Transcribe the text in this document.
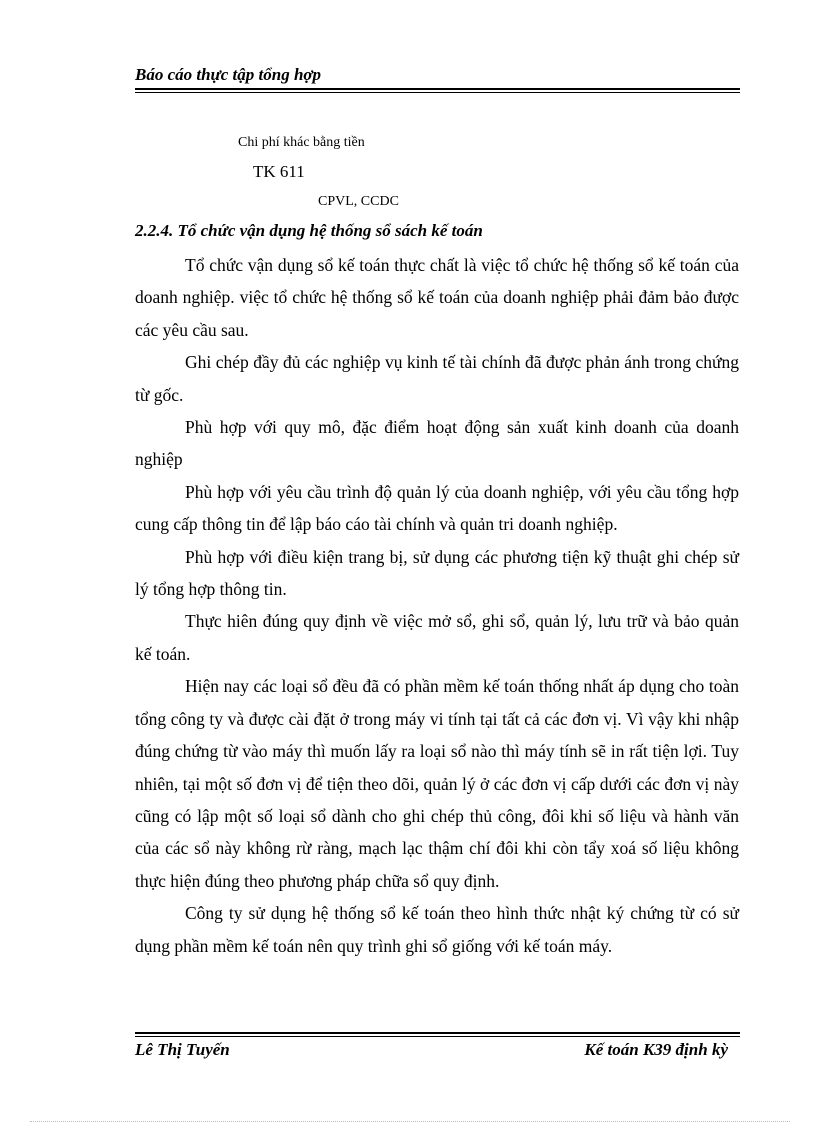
Báo cáo thực tập tổng hợp
Chi phí khác bằng tiền
TK 611
CPVL, CCDC
2.2.4. Tổ chức vận dụng hệ thống sổ sách kế toán

Tổ chức vận dụng sổ kế toán thực chất là việc tổ chức hệ thống sổ kế toán của doanh nghiệp. việc tổ chức hệ thống sổ kế toán của doanh nghiệp phải đảm bảo được các yêu cầu sau.

Ghi chép đầy đủ các nghiệp vụ kinh tế tài chính đã được phản ánh trong chứng từ gốc.

Phù hợp với quy mô, đặc điểm hoạt động sản xuất kinh doanh của doanh nghiệp

Phù hợp với yêu cầu trình độ quản lý của doanh nghiệp, với yêu cầu tổng hợp cung cấp thông tin để lập báo cáo tài chính và quản tri doanh nghiệp.

Phù hợp với điều kiện trang bị, sử dụng các phương tiện kỹ thuật ghi chép sử lý tổng hợp thông tin.

Thực hiên đúng quy định về việc mở sổ, ghi sổ, quản lý, lưu trữ và bảo quản kế toán.

Hiện nay các loại sổ đều đã có phần mềm kế toán thống nhất áp dụng cho toàn tổng công ty và được cài đặt ở trong máy vi tính tại tất cả các đơn vị. Vì vậy khi nhập đúng chứng từ vào máy thì muốn lấy ra loại sổ nào thì máy tính sẽ in rất tiện lợi. Tuy nhiên, tại một số đơn vị để tiện theo dõi, quản lý ở các đơn vị cấp dưới các đơn vị này cũng có lập một số loại sổ dành cho ghi chép thủ công, đôi khi số liệu và hành văn của các sổ này không rừ ràng, mạch lạc thậm chí đôi khi còn tẩy xoá số liệu không thực hiện đúng theo phương pháp chữa sổ quy định.

Công ty sử dụng hệ thống sổ kế toán theo hình thức nhật ký chứng từ có sử dụng phần mềm kế toán nên quy trình ghi sổ giống với kế toán máy.

Lê Thị Tuyến	Kế toán K39 định kỳ
